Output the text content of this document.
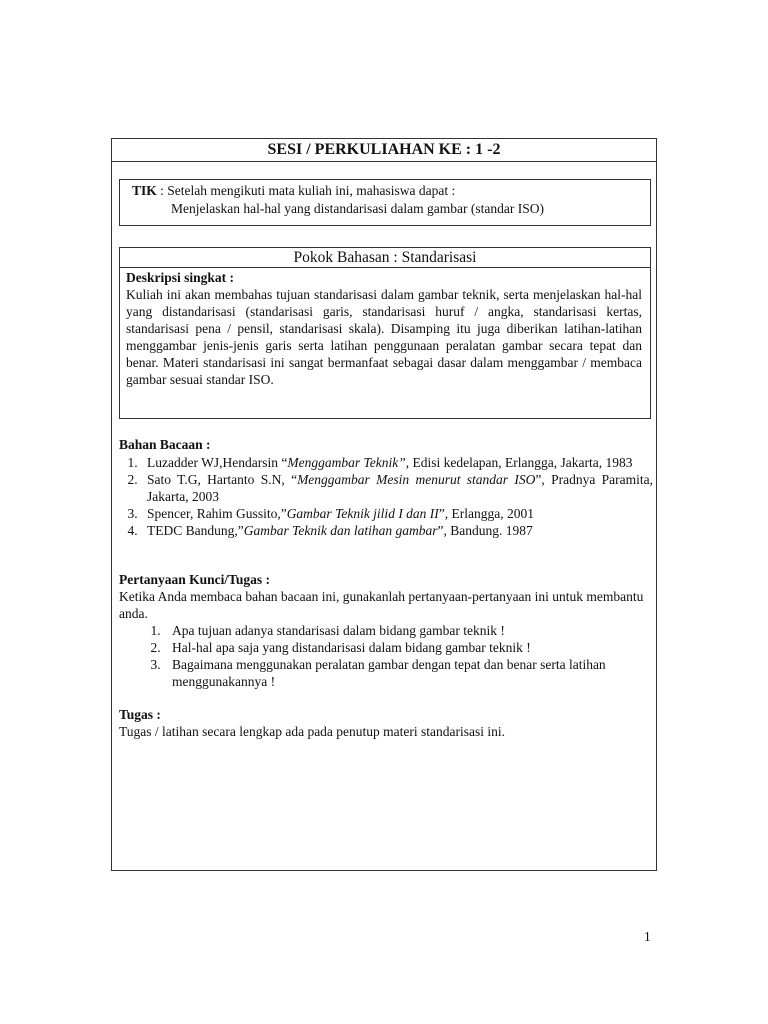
SESI / PERKULIAHAN KE : 1 -2
TIK : Setelah mengikuti mata kuliah ini, mahasiswa dapat :
Menjelaskan hal-hal yang distandarisasi dalam gambar (standar ISO)
Pokok Bahasan : Standarisasi
Deskripsi singkat :
Kuliah ini akan membahas tujuan standarisasi dalam gambar teknik, serta menjelaskan hal-hal yang distandarisasi (standarisasi garis, standarisasi huruf / angka, standarisasi kertas, standarisasi pena / pensil, standarisasi skala). Disamping itu juga diberikan latihan-latihan menggambar jenis-jenis garis serta latihan penggunaan peralatan gambar secara tepat dan benar. Materi standarisasi ini sangat bermanfaat sebagai dasar dalam menggambar / membaca gambar sesuai standar ISO.
Bahan Bacaan :
1. Luzadder WJ,Hendarsin “Menggambar Teknik”, Edisi kedelapan, Erlangga, Jakarta, 1983
2. Sato T.G, Hartanto S.N, “Menggambar Mesin menurut standar ISO”, Pradnya Paramita, Jakarta, 2003
3. Spencer, Rahim Gussito,”Gambar Teknik jilid I dan II”, Erlangga, 2001
4. TEDC Bandung,”Gambar Teknik dan latihan gambar”, Bandung. 1987
Pertanyaan Kunci/Tugas :
Ketika Anda membaca bahan bacaan ini, gunakanlah pertanyaan-pertanyaan ini untuk membantu anda.
1. Apa tujuan adanya standarisasi dalam bidang gambar teknik !
2. Hal-hal apa saja yang distandarisasi dalam bidang gambar teknik !
3. Bagaimana menggunakan peralatan gambar dengan tepat dan benar serta latihan menggunakannya !
Tugas :
Tugas / latihan secara lengkap ada pada penutup materi standarisasi ini.
1
